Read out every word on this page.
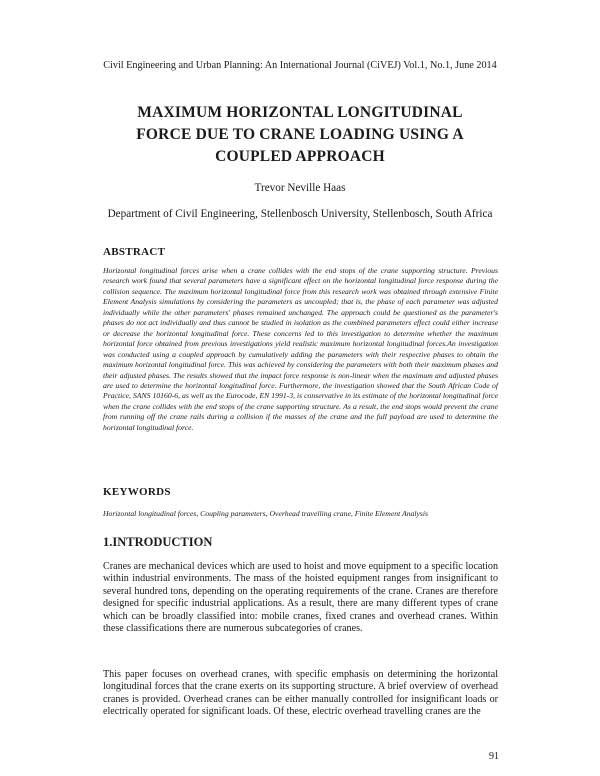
Civil Engineering and Urban Planning: An International Journal (CiVEJ) Vol.1, No.1, June 2014
MAXIMUM HORIZONTAL LONGITUDINAL
FORCE DUE TO CRANE LOADING USING A
COUPLED APPROACH
Trevor Neville Haas
Department of Civil Engineering, Stellenbosch University, Stellenbosch, South Africa
ABSTRACT
Horizontal longitudinal forces arise when a crane collides with the end stops of the crane supporting structure. Previous research work found that several parameters have a significant effect on the horizontal longitudinal force response during the collision sequence. The maximum horizontal longitudinal force from this research work was obtained through extensive Finite Element Analysis simulations by considering the parameters as uncoupled; that is, the phase of each parameter was adjusted individually while the other parameters' phases remained unchanged. The approach could be questioned as the parameter's phases do not act individually and thus cannot be studied in isolation as the combined parameters effect could either increase or decrease the horizontal longitudinal force. These concerns led to this investigation to determine whether the maximum horizontal force obtained from previous investigations yield realistic maximum horizontal longitudinal forces.An investigation was conducted using a coupled approach by cumulatively adding the parameters with their respective phases to obtain the maximum horizontal longitudinal force. This was achieved by considering the parameters with both their maximum phases and their adjusted phases. The results showed that the impact force response is non-linear when the maximum and adjusted phases are used to determine the horizontal longitudinal force. Furthermore, the investigation showed that the South African Code of Practice, SANS 10160-6, as well as the Eurocode, EN 1991-3, is conservative in its estimate of the horizontal longitudinal force when the crane collides with the end stops of the crane supporting structure. As a result, the end stops would prevent the crane from running off the crane rails during a collision if the masses of the crane and the full payload are used to determine the horizontal longitudinal force.
KEYWORDS
Horizontal longitudinal forces, Coupling parameters, Overhead travelling crane, Finite Element Analysis
1.INTRODUCTION
Cranes are mechanical devices which are used to hoist and move equipment to a specific location within industrial environments. The mass of the hoisted equipment ranges from insignificant to several hundred tons, depending on the operating requirements of the crane. Cranes are therefore designed for specific industrial applications. As a result, there are many different types of crane which can be broadly classified into: mobile cranes, fixed cranes and overhead cranes. Within these classifications there are numerous subcategories of cranes.
This paper focuses on overhead cranes, with specific emphasis on determining the horizontal longitudinal forces that the crane exerts on its supporting structure. A brief overview of overhead cranes is provided. Overhead cranes can be either manually controlled for insignificant loads or electrically operated for significant loads. Of these, electric overhead travelling cranes are the
91
